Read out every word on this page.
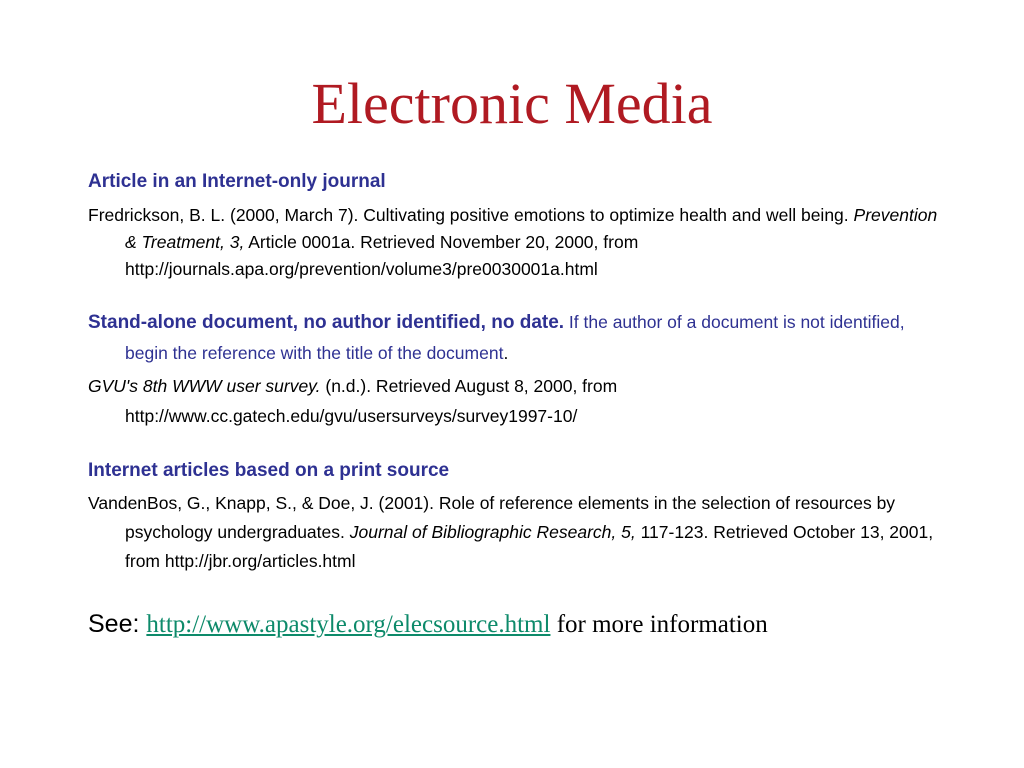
Electronic Media

Article in an Internet-only journal

Fredrickson, B. L. (2000, March 7). Cultivating positive emotions to optimize health and well being. Prevention & Treatment, 3, Article 0001a. Retrieved November 20, 2000, from http://journals.apa.org/prevention/volume3/pre0030001a.html

Stand-alone document, no author identified, no date. If the author of a document is not identified, begin the reference with the title of the document.

GVU's 8th WWW user survey. (n.d.). Retrieved August 8, 2000, from http://www.cc.gatech.edu/gvu/usersurveys/survey1997-10/

Internet articles based on a print source

VandenBos, G., Knapp, S., & Doe, J. (2001). Role of reference elements in the selection of resources by psychology undergraduates. Journal of Bibliographic Research, 5, 117-123. Retrieved October 13, 2001, from http://jbr.org/articles.html

See: http://www.apastyle.org/elecsource.html for more information
